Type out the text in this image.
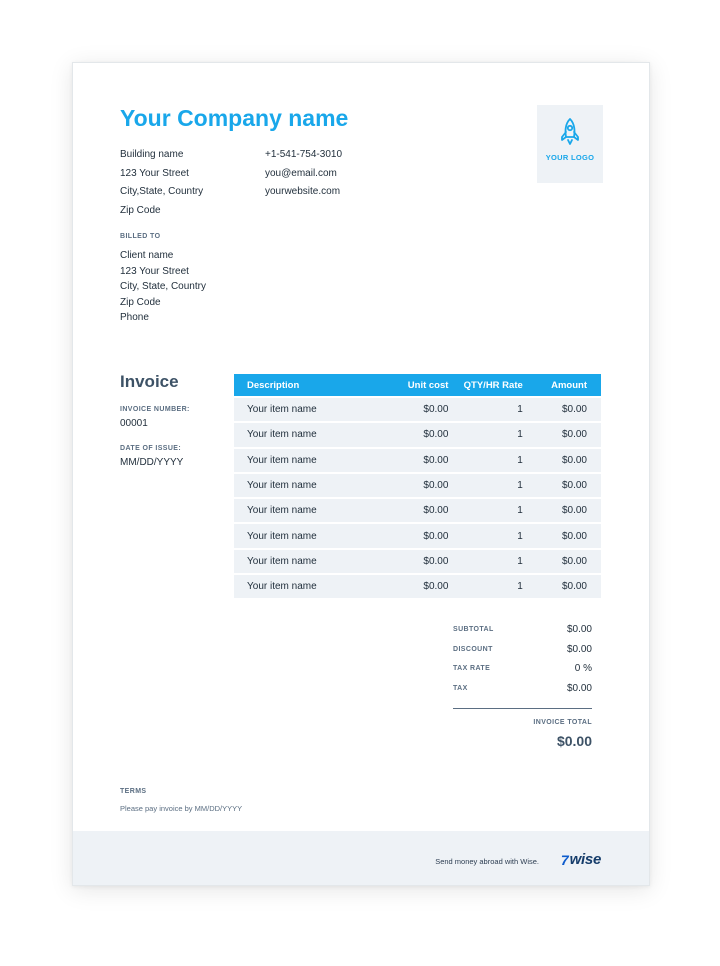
Your Company name
Building name
123 Your Street
City,State, Country
Zip Code
+1-541-754-3010
you@email.com
yourwebsite.com
YOUR LOGO
BILLED TO
Client name
123 Your Street
City, State, Country
Zip Code
Phone
Invoice
INVOICE NUMBER:
00001
DATE OF ISSUE:
MM/DD/YYYY
Description	Unit cost	QTY/HR Rate	Amount
Your item name	$0.00	1	$0.00
Your item name	$0.00	1	$0.00
Your item name	$0.00	1	$0.00
Your item name	$0.00	1	$0.00
Your item name	$0.00	1	$0.00
Your item name	$0.00	1	$0.00
Your item name	$0.00	1	$0.00
Your item name	$0.00	1	$0.00
SUBTOTAL	$0.00
DISCOUNT	$0.00
TAX RATE	0 %
TAX	$0.00
INVOICE TOTAL
$0.00
TERMS
Please pay invoice by MM/DD/YYYY
Send money abroad with Wise. 7 wise
